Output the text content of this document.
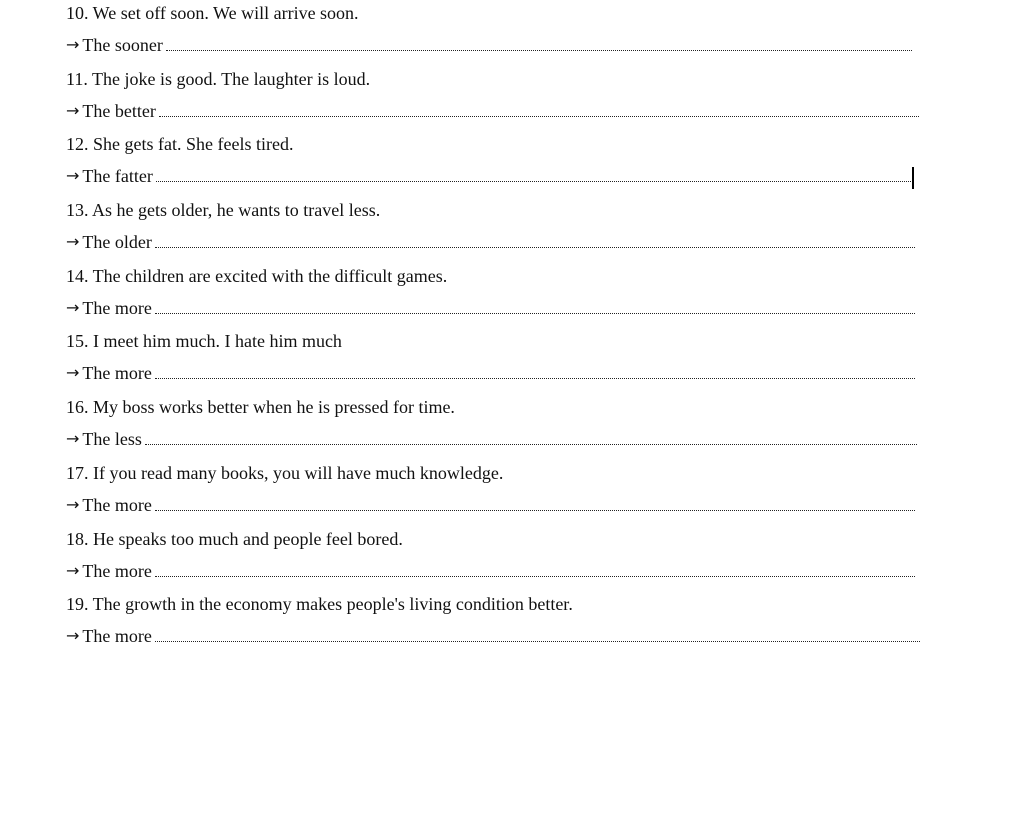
10. We set off soon. We will arrive soon.
→ The sooner
11. The joke is good. The laughter is loud.
→ The better
12. She gets fat. She feels tired.
→ The fatter
13. As he gets older, he wants to travel less.
→ The older
14. The children are excited with the difficult games.
→ The more
15. I meet him much. I hate him much
→ The more
16. My boss works better when he is pressed for time.
→ The less
17. If you read many books, you will have much knowledge.
→ The more
18. He speaks too much and people feel bored.
→ The more
19. The growth in the economy makes people's living condition better.
→ The more
